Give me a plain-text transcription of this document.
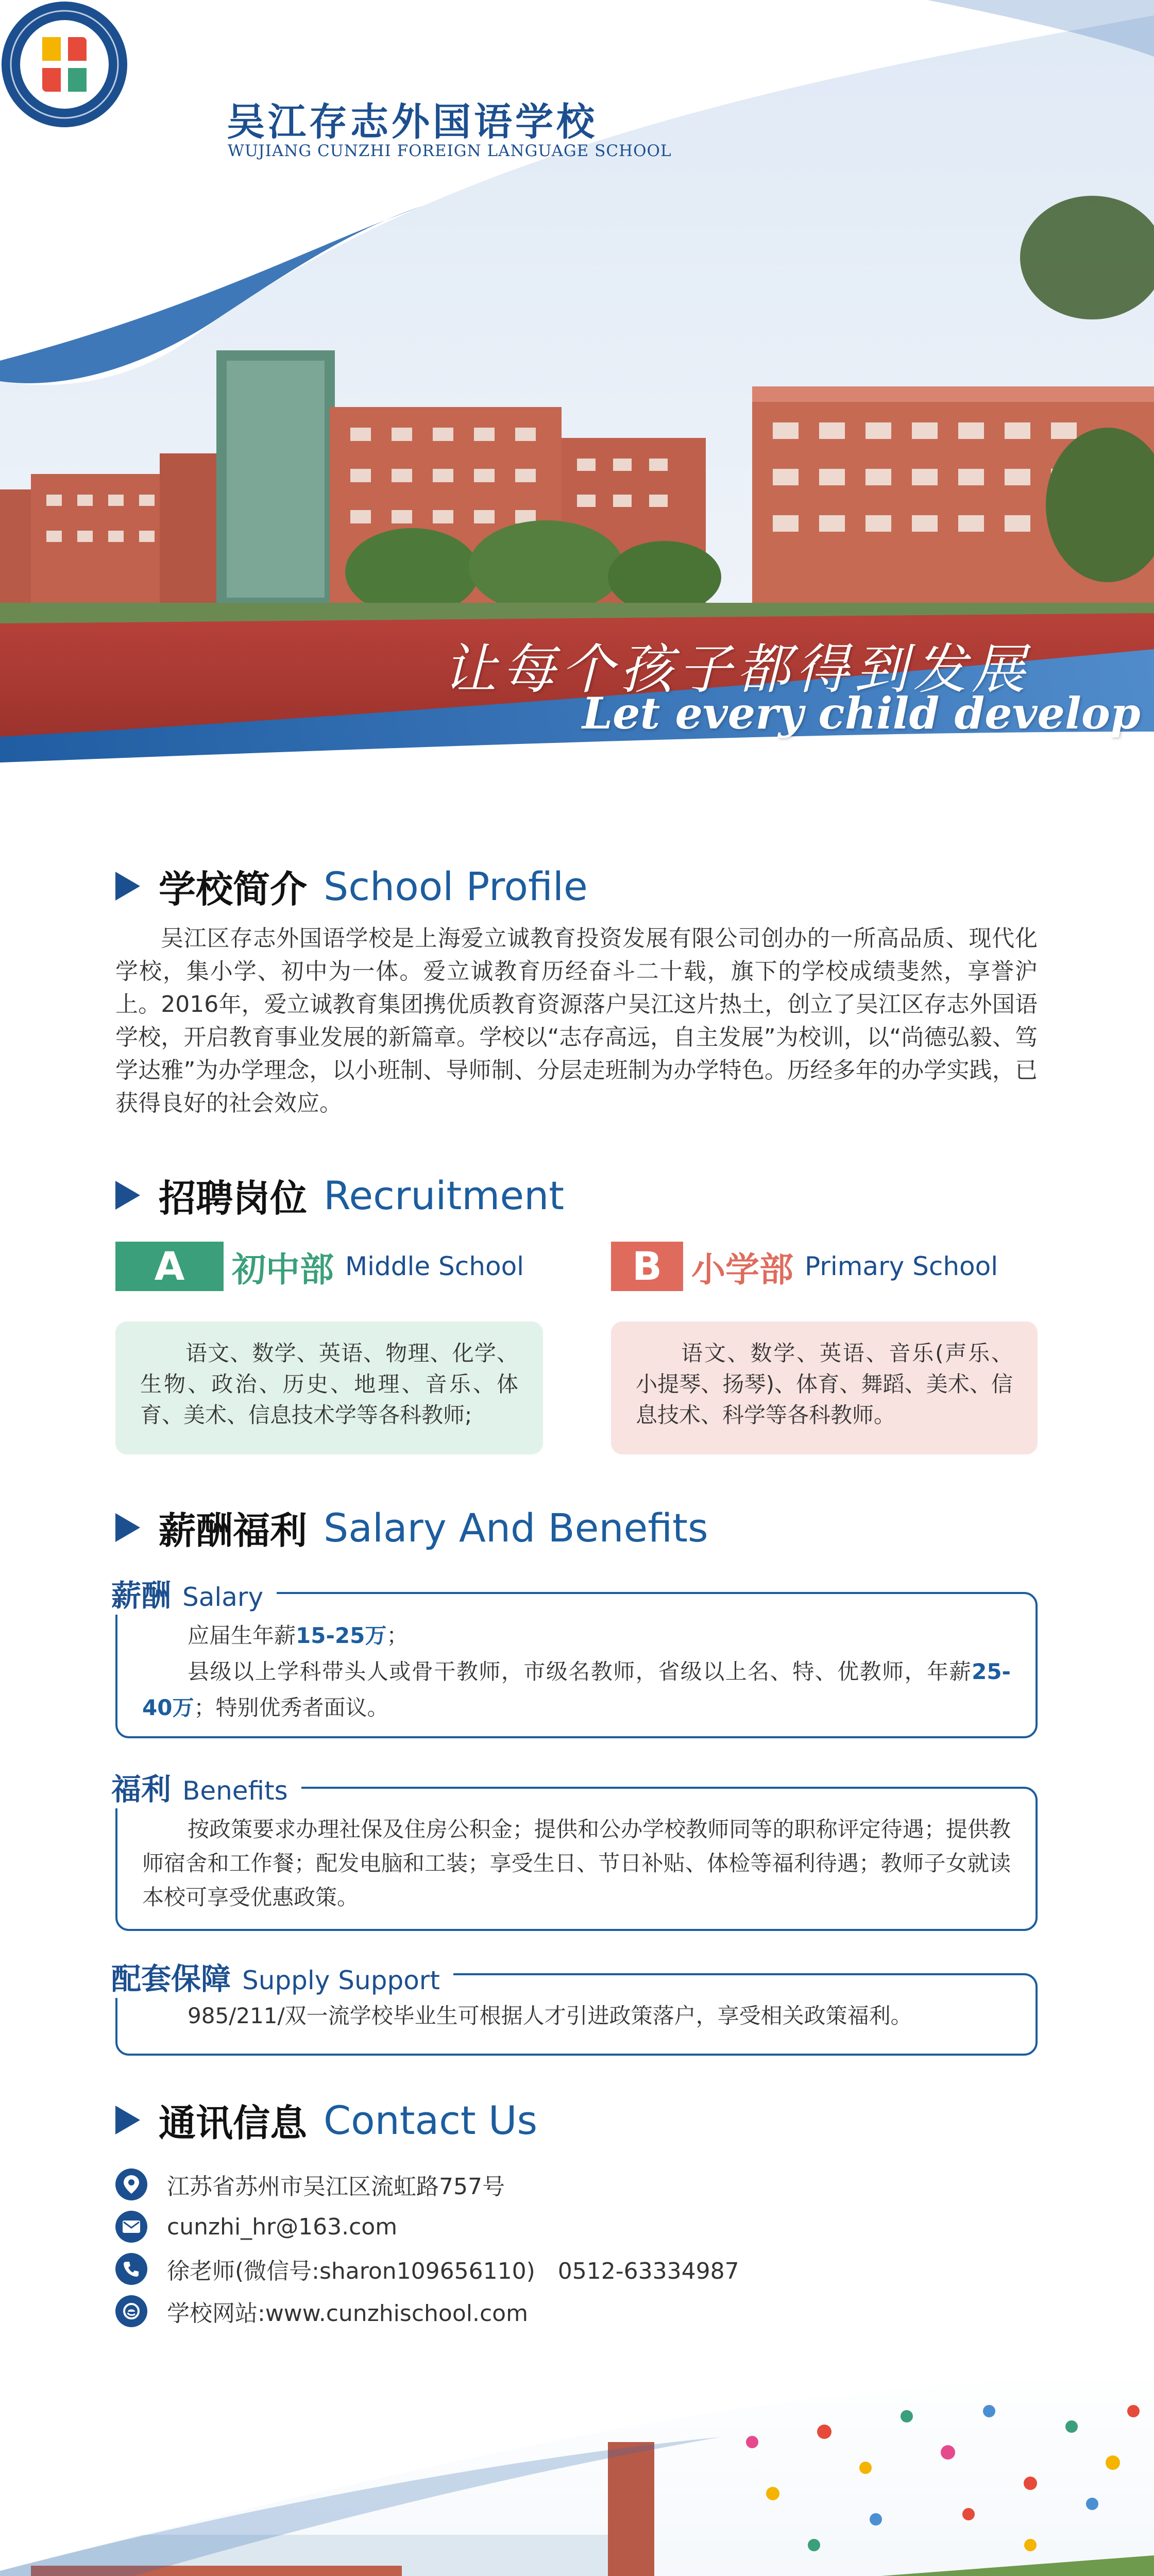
吴江存志外国语学校
WUJIANG CUNZHI FOREIGN LANGUAGE SCHOOL
让每个孩子都得到发展
Let every child develop
学校简介 School Profile
吴江区存志外国语学校是上海爱立诚教育投资发展有限公司创办的一所高品质、现代化学校，集小学、初中为一体。爱立诚教育历经奋斗二十载，旗下的学校成绩斐然，享誉沪上。2016年，爱立诚教育集团携优质教育资源落户吴江这片热土，创立了吴江区存志外国语学校，开启教育事业发展的新篇章。学校以“志存高远，自主发展”为校训，以“尚德弘毅、笃学达雅”为办学理念，以小班制、导师制、分层走班制为办学特色。历经多年的办学实践，已获得良好的社会效应。
招聘岗位 Recruitment
A	初中部 Middle School
语文、数学、英语、物理、化学、生物、政治、历史、地理、音乐、体育、美术、信息技术学等各科教师;
B 小学部 Primary School
语文、数学、英语、音乐(声乐、小提琴、扬琴)、体育、舞蹈、美术、信息技术、科学等各科教师。
薪酬福利 Salary And Benefits
应届生年薪15-25万；
县级以上学科带头人或骨干教师，市级名教师，省级以上名、特、优教师，年薪25-40万；特别优秀者面议。
薪酬 Salary
按政策要求办理社保及住房公积金；提供和公办学校教师同等的职称评定待遇；提供教师宿舍和工作餐；配发电脑和工装；享受生日、节日补贴、体检等福利待遇；教师子女就读本校可享受优惠政策。
福利 Benefits
985/211/双一流学校毕业生可根据人才引进政策落户，享受相关政策福利。
配套保障 Supply Support
通讯信息 Contact Us
江苏省苏州市吴江区流虹路757号
cunzhi_hr@163.com
徐老师(微信号:sharon109656110)　0512-63334987
学校网站:www.cunzhischool.com
